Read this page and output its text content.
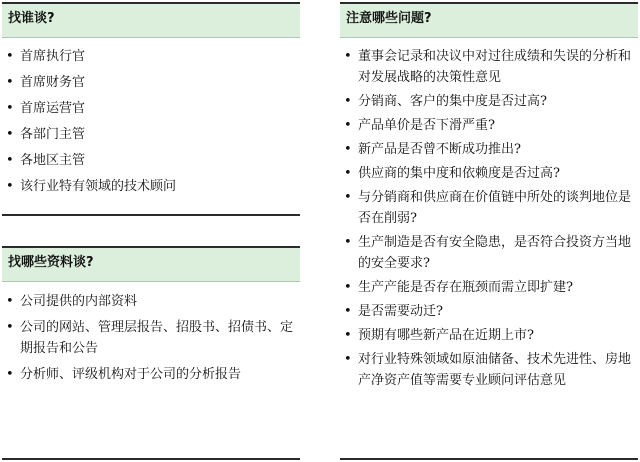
找谁谈?
• 首席执行官
• 首席财务官
• 首席运营官
• 各部门主管
• 各地区主管
• 该行业特有领域的技术顾问
找哪些资料谈?
• 公司提供的内部资料
• 公司的网站、管理层报告、招股书、招债书、定期报告和公告
• 分析师、评级机构对于公司的分析报告
注意哪些问题?
• 董事会记录和决议中对过往成绩和失误的分析和对发展战略的决策性意见
• 分销商、客户的集中度是否过高?
• 产品单价是否下滑严重?
• 新产品是否曾不断成功推出?
• 供应商的集中度和依赖度是否过高?
• 与分销商和供应商在价值链中所处的谈判地位是否在削弱?
• 生产制造是否有安全隐患，是否符合投资方当地的安全要求?
• 生产产能是否存在瓶颈而需立即扩建?
• 是否需要动迁?
• 预期有哪些新产品在近期上市?
• 对行业特殊领域如原油储备、技术先进性、房地产净资产值等需要专业顾问评估意见
